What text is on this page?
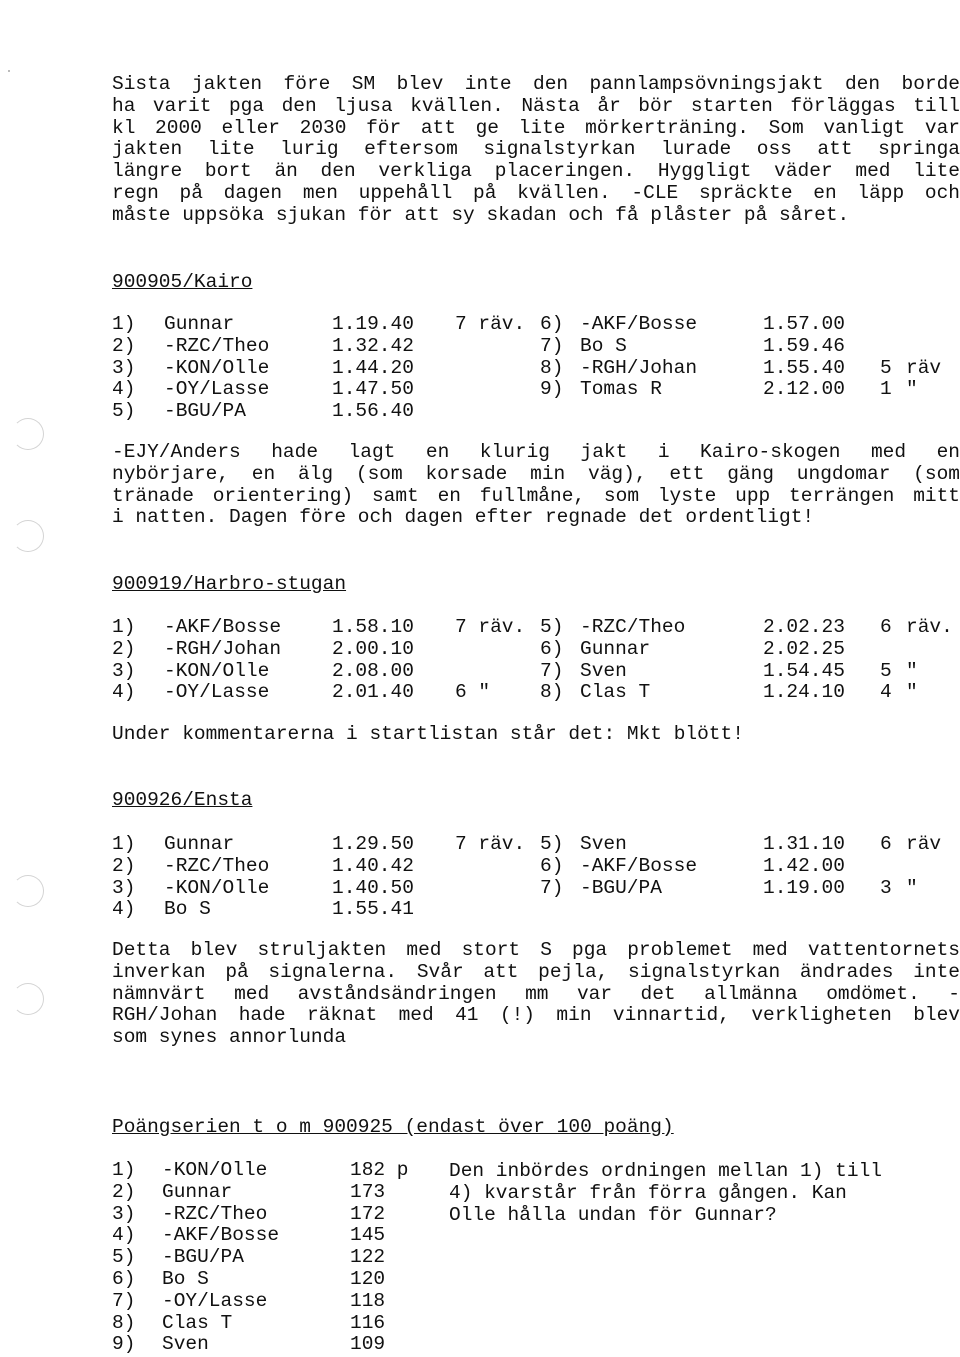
Sista jakten före SM blev inte den pannlampsövningsjakt den borde
ha varit pga den ljusa kvällen. Nästa år bör starten förläggas till
kl 2000 eller 2030 för att ge lite mörkerträning. Som vanligt var
jakten lite lurig eftersom signalstyrkan lurade oss att springa
längre bort än den verkliga placeringen. Hyggligt väder med lite
regn på dagen men uppehåll på kvällen. -CLE spräckte en läpp och
måste uppsöka sjukan för att sy skadan och få plåster på såret.
900905/Kairo
1) Gunnar	1.19.40 7 räv. 6) -AKF/Bosse	1.57.00
2) -RZC/Theo	1.32.42	7) Bo S	1.59.46
3) -KON/Olle	1.44.20	8) -RGH/Johan	1.55.40 5 räv
4) -OY/Lasse	1.47.50	9) Tomas R	2.12.00 1 "
5) -BGU/PA	1.56.40
-EJY/Anders hade lagt en klurig jakt i Kairo-skogen med en
nybörjare, en älg (som korsade min väg), ett gäng ungdomar (som
tränade orientering) samt en fullmåne, som lyste upp terrängen mitt
i natten. Dagen före och dagen efter regnade det ordentligt!
900919/Harbro-stugan
1) -AKF/Bosse	1.58.10 7 räv. 5) -RZC/Theo	2.02.23 6 räv.
2) -RGH/Johan	2.00.10	6) Gunnar	2.02.25
3) -KON/Olle	2.08.00	7) Sven	1.54.45 5 "
4) -OY/Lasse	2.01.40 6 "	8) Clas T	1.24.10 4 "
Under kommentarerna i startlistan står det: Mkt blött!
900926/Ensta
1) Gunnar	1.29.50 7 räv. 5) Sven	1.31.10 6 räv
2) -RZC/Theo	1.40.42	6) -AKF/Bosse	1.42.00
3) -KON/Olle	1.40.50	7) -BGU/PA	1.19.00 3 "
4) Bo S	1.55.41
Detta blev struljakten med stort S pga problemet med vattentornets
inverkan på signalerna. Svår att pejla, signalstyrkan ändrades inte
nämnvärt med avståndsändringen mm var det allmänna omdömet. -
RGH/Johan hade räknat med 41 (!) min vinnartid, verkligheten blev
som synes annorlunda
Poängserien t o m 900925 (endast över 100 poäng)
1) -KON/Olle	182 p
2) Gunnar	173
3) -RZC/Theo	172
4) -AKF/Bosse	145
5) -BGU/PA	122
6) Bo S	120
7) -OY/Lasse	118
8) Clas T	116
9) Sven	109
Den inbördes ordningen mellan 1) till
4) kvarstår från förra gången. Kan
Olle hålla undan för Gunnar?
